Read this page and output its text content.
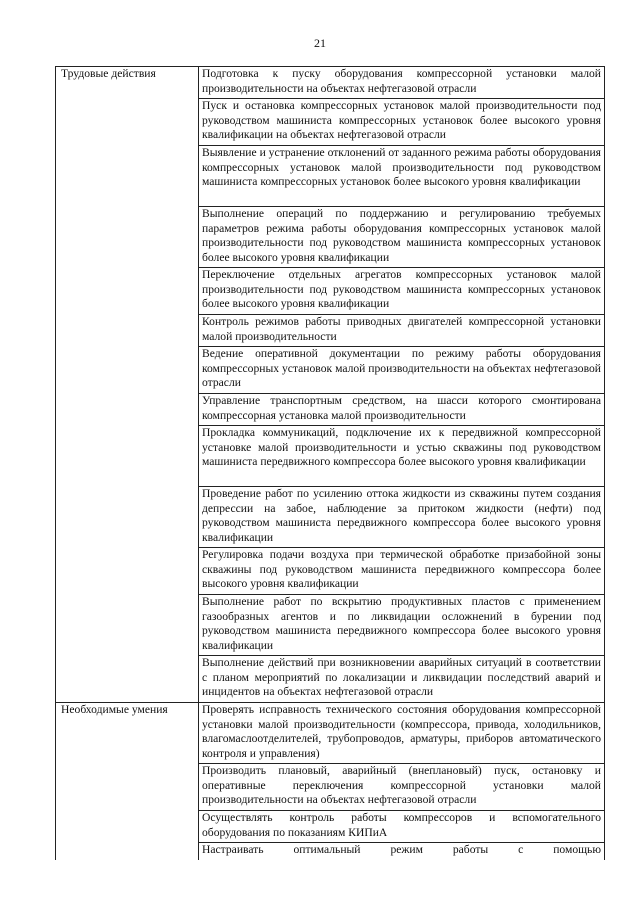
21
Трудовые действия	Подготовка к пуску оборудования компрессорной установки малой производительности на объектах нефтегазовой отрасли
	Пуск и остановка компрессорных установок малой производительности под руководством машиниста компрессорных установок более высокого уровня квалификации на объектах нефтегазовой отрасли
	Выявление и устранение отклонений от заданного режима работы оборудования компрессорных установок малой производительности под руководством машиниста компрессорных установок более высокого уровня квалификации
	Выполнение операций по поддержанию и регулированию требуемых параметров режима работы оборудования компрессорных установок малой производительности под руководством машиниста компрессорных установок более высокого уровня квалификации
	Переключение отдельных агрегатов компрессорных установок малой производительности под руководством машиниста компрессорных установок более высокого уровня квалификации
	Контроль режимов работы приводных двигателей компрессорной установки малой производительности
	Ведение оперативной документации по режиму работы оборудования компрессорных установок малой производительности на объектах нефтегазовой отрасли
	Управление транспортным средством, на шасси которого смонтирована компрессорная установка малой производительности
	Прокладка коммуникаций, подключение их к передвижной компрессорной установке малой производительности и устью скважины под руководством машиниста передвижного компрессора более высокого уровня квалификации
	Проведение работ по усилению оттока жидкости из скважины путем создания депрессии на забое, наблюдение за притоком жидкости (нефти) под руководством машиниста передвижного компрессора более высокого уровня квалификации
	Регулировка подачи воздуха при термической обработке призабойной зоны скважины под руководством машиниста передвижного компрессора более высокого уровня квалификации
	Выполнение работ по вскрытию продуктивных пластов с применением газообразных агентов и по ликвидации осложнений в бурении под руководством машиниста передвижного компрессора более высокого уровня квалификации
	Выполнение действий при возникновении аварийных ситуаций в соответствии с планом мероприятий по локализации и ликвидации последствий аварий и инцидентов на объектах нефтегазовой отрасли
Необходимые умения	Проверять исправность технического состояния оборудования компрессорной установки малой производительности (компрессора, привода, холодильников, влагомаслоотделителей, трубопроводов, арматуры, приборов автоматического контроля и управления)
	Производить плановый, аварийный (внеплановый) пуск, остановку и оперативные переключения компрессорной установки малой производительности на объектах нефтегазовой отрасли
	Осуществлять контроль работы компрессоров и вспомогательного оборудования по показаниям КИПиА
	Настраивать оптимальный режим работы с помощью
